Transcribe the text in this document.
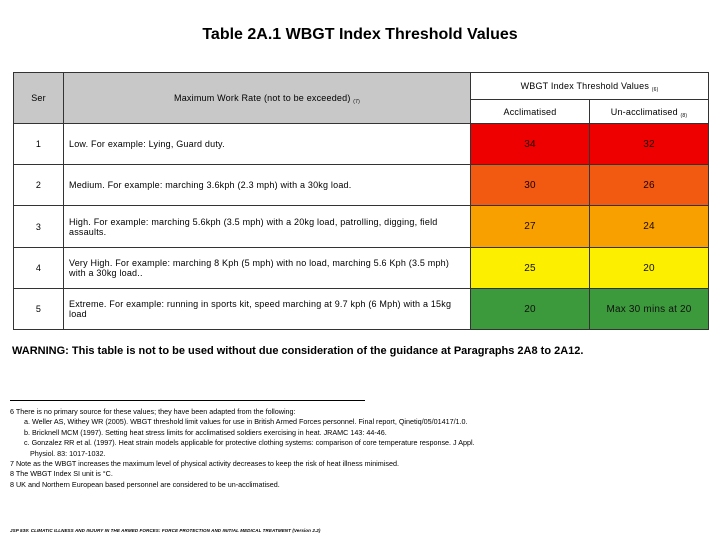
Table 2A.1 WBGT Index Threshold Values
Ser	Maximum Work Rate (not to be exceeded) $_{(7)}$	WBGT Index Threshold Values $_{(6)}$
		Acclimatised	Un-acclimatised $_{(8)}$
1	Low. For example: Lying, Guard duty.	34	32
2	Medium. For example: marching 3.6kph (2.3 mph) with a 30kg load.	30	26
3	High. For example: marching 5.6kph (3.5 mph) with a 20kg load, patrolling, digging, field assaults.	27	24
4	Very High. For example: marching 8 Kph (5 mph) with no load, marching 5.6 Kph (3.5 mph) with a 30kg load..	25	20
5	Extreme. For example: running in sports kit, speed marching at 9.7 kph (6 Mph) with a 15kg load	20	Max 30 mins at 20
WARNING: This table is not to be used without due consideration of the guidance at Paragraphs 2A8 to 2A12.
6 There is no primary source for these values; they have been adapted from the following:
a. Weller AS, Withey WR (2005). WBGT threshold limit values for use in British Armed Forces personnel. Final report, Qinetiq/05/01417/1.0.
b. Bricknell MCM (1997). Setting heat stress limits for acclimatised soldiers exercising in heat. JRAMC 143: 44-46.
c. Gonzalez RR et al. (1997). Heat strain models applicable for protective clothing systems: comparison of core temperature response. J Appl.
Physiol. 83: 1017-1032.
7 Note as the WBGT increases the maximum level of physical activity decreases to keep the risk of heat illness minimised.
8 The WBGT Index SI unit is °C.
8 UK and Northern European based personnel are considered to be un-acclimatised.
JSP 539: CLIMATIC ILLNESS AND INJURY IN THE ARMED FORCES: FORCE PROTECTION AND INITIAL MEDICAL TREATMENT (Version 2.2)
